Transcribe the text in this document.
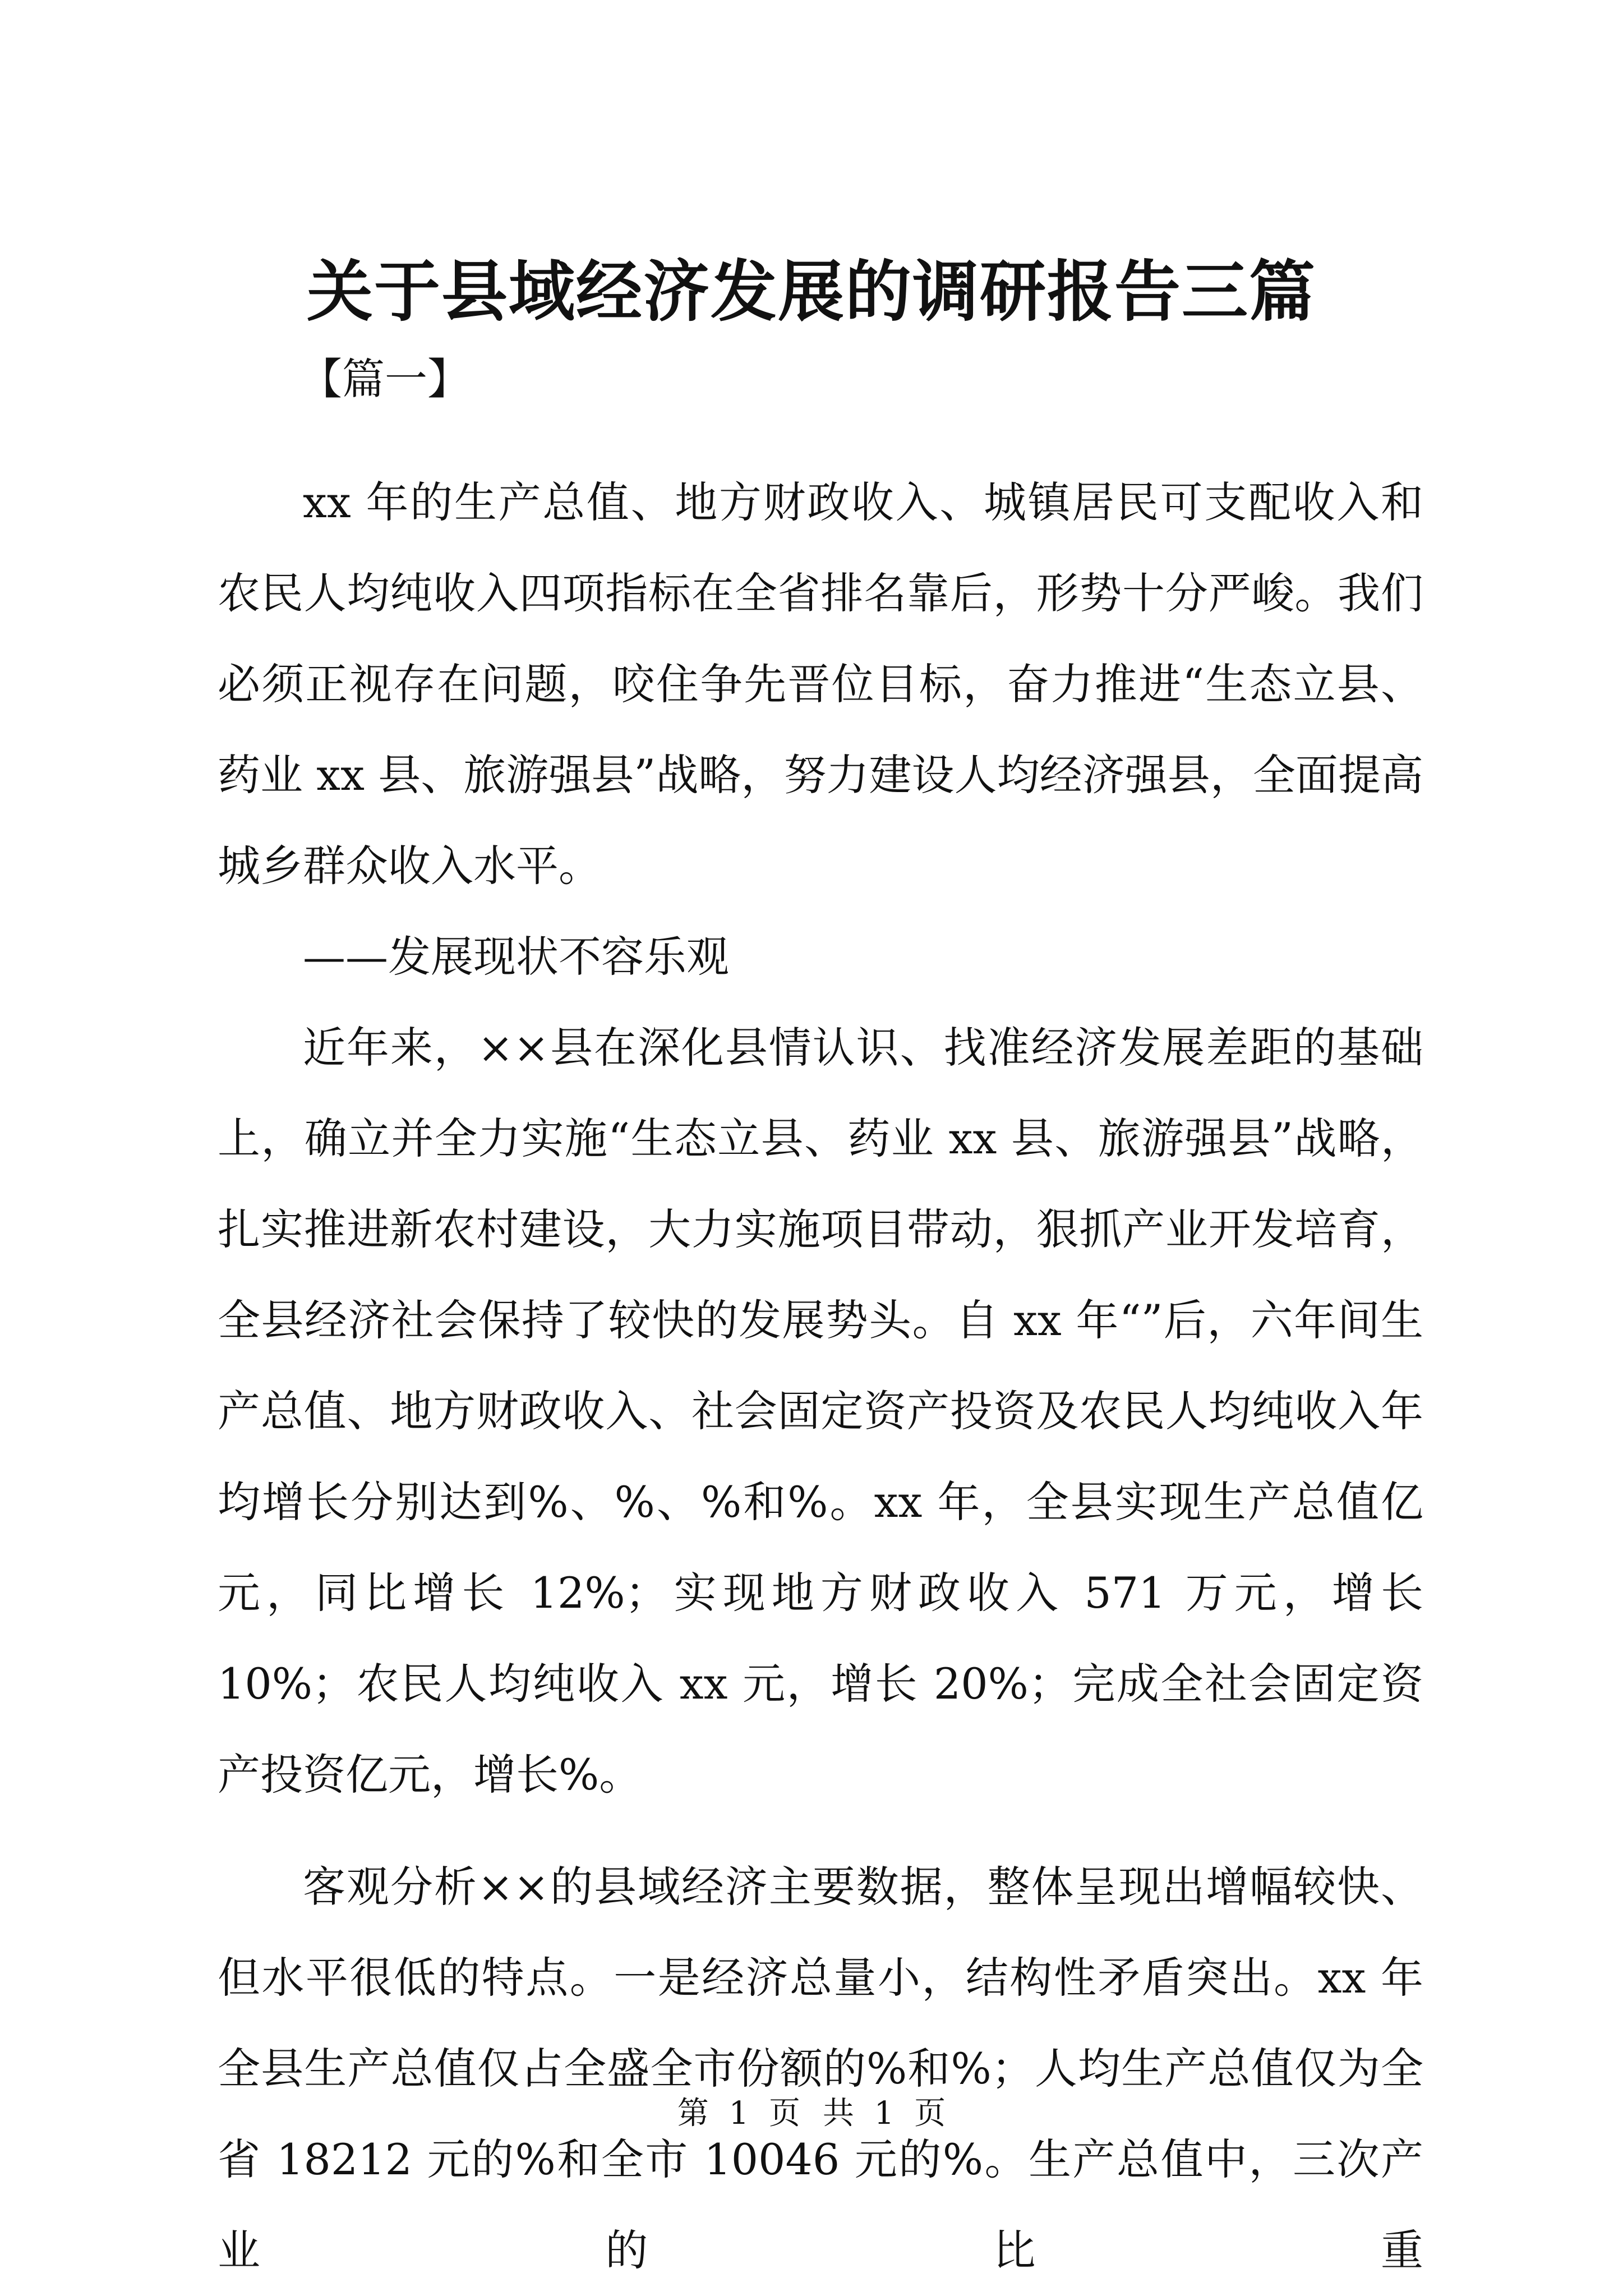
关于县域经济发展的调研报告三篇
【篇一】

xx 年的生产总值、地方财政收入、城镇居民可支配收入和农民人均纯收入四项指标在全省排名靠后，形势十分严峻。我们必须正视存在问题，咬住争先晋位目标，奋力推进“生态立县、药业 xx 县、旅游强县”战略，努力建设人均经济强县，全面提高城乡群众收入水平。

——发展现状不容乐观

近年来，××县在深化县情认识、找准经济发展差距的基础上，确立并全力实施“生态立县、药业 xx 县、旅游强县”战略，扎实推进新农村建设，大力实施项目带动，狠抓产业开发培育，全县经济社会保持了较快的发展势头。自 xx 年“”后，六年间生产总值、地方财政收入、社会固定资产投资及农民人均纯收入年均增长分别达到%、%、%和%。xx 年，全县实现生产总值亿元，同比增长 12%；实现地方财政收入 571 万元，增长 10%；农民人均纯收入 xx 元，增长 20%；完成全社会固定资产投资亿元，增长%。

客观分析××的县域经济主要数据，整体呈现出增幅较快、但水平很低的特点。一是经济总量小，结构性矛盾突出。xx 年全县生产总值仅占全盛全市份额的%和%；人均生产总值仅为全省 18212 元的%和全市 10046 元的%。生产总值中，三次产业的比重

第 1 页 共 1 页
